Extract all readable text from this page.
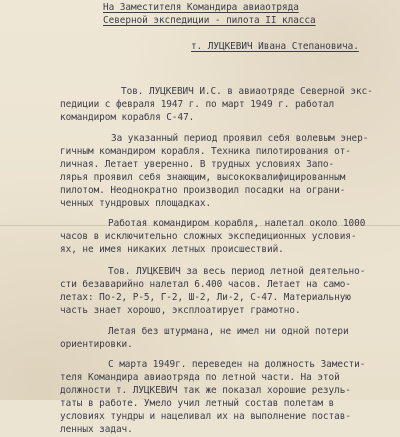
На Заместителя Командира авиаотряда
Северной экспедиции - пилота II класса
т. ЛУЦКЕВИЧ Ивана Степановича.
Тов. ЛУЦКЕВИЧ И.С. в авиаотряде Северной экс-
педиции с февраля 1947 г. по март 1949 г. работал
командиром корабля С-47.
За указанный период проявил себя волевым энер-
гичным командиром корабля. Техника пилотирования от-
личная. Летает уверенно. В трудных условиях Запо-
лярья проявил себя знающим, высококвалифицированным
пилотом. Неоднократно производил посадки на ограни-
ченных тундровых площадках.
Работая командиром корабля, налетал около 1000
часов в исключительно сложных экспедиционных условия-
ях, не имея никаких летных происшествий.
Тов. ЛУЦКЕВИЧ за весь период летной деятельно-
сти безаварийно налетал 6.400 часов. Летает на само-
летах: По-2, Р-5, Г-2, Ш-2, Ли-2, С-47. Материальную
часть знает хорошо, эксплоатирует грамотно.
Летая без штурмана, не имел ни одной потери
ориентировки.
С марта 1949г. переведен на должность Замести-
теля Командира авиаотряда по летной части. На этой
должности т. ЛУЦКЕВИЧ так же показал хорошие резуль-
таты в работе. Умело учил летный состав полетам в
условиях тундры и нацеливал их на выполнение постав-
ленных задач.
